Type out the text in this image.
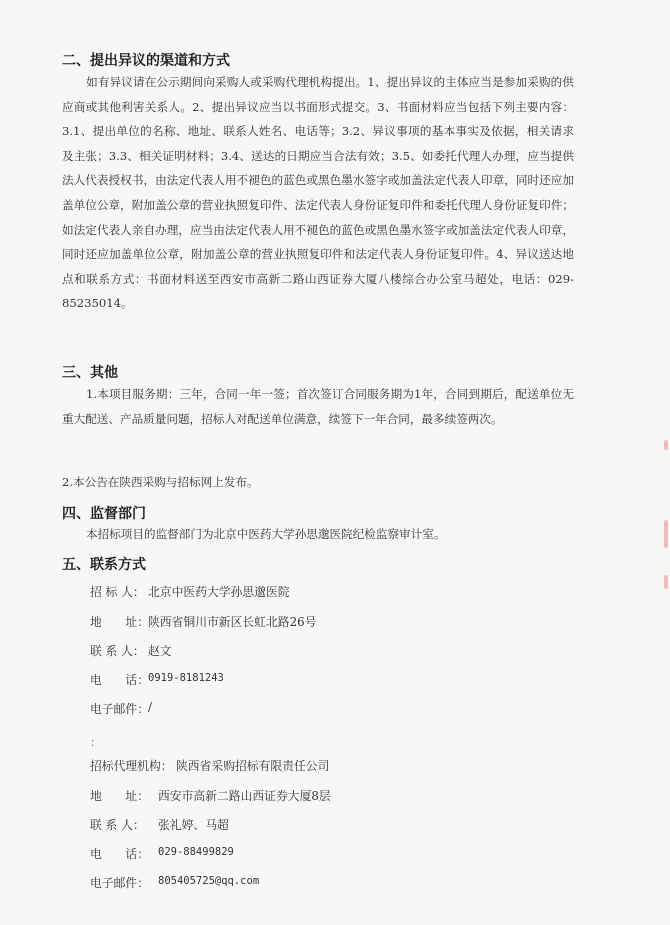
二、提出异议的渠道和方式
如有异议请在公示期间向采购人或采购代理机构提出。1、提出异议的主体应当是参加采购的供应商或其他利害关系人。2、提出异议应当以书面形式提交。3、书面材料应当包括下列主要内容：3.1、提出单位的名称、地址、联系人姓名、电话等；3.2、异议事项的基本事实及依据，相关请求及主张；3.3、相关证明材料；3.4、送达的日期应当合法有效；3.5、如委托代理人办理，应当提供法人代表授权书，由法定代表人用不褪色的蓝色或黑色墨水签字或加盖法定代表人印章，同时还应加盖单位公章，附加盖公章的营业执照复印件、法定代表人身份证复印件和委托代理人身份证复印件；如法定代表人亲自办理，应当由法定代表人用不褪色的蓝色或黑色墨水签字或加盖法定代表人印章，同时还应加盖单位公章，附加盖公章的营业执照复印件和法定代表人身份证复印件。4、异议送达地点和联系方式：书面材料送至西安市高新二路山西证券大厦八楼综合办公室马超处，电话：029-85235014。
三、其他
1.本项目服务期：三年，合同一年一签；首次签订合同服务期为1年，合同到期后，配送单位无重大配送、产品质量问题，招标人对配送单位满意，续签下一年合同，最多续签两次。
2.本公告在陕西采购与招标网上发布。
四、监督部门
本招标项目的监督部门为北京中医药大学孙思邈医院纪检监察审计室。
五、联系方式
招 标 人： 北京中医药大学孙思邈医院
地　　址： 陕西省铜川市新区长虹北路26号
联 系 人： 赵文
电　　话： 0919-8181243
电子邮件： /
：
招标代理机构： 陕西省采购招标有限责任公司
地　　址： 西安市高新二路山西证券大厦8层
联 系 人： 张礼婷、马超
电　　话： 029-88499829
电子邮件： 805405725@qq.com
